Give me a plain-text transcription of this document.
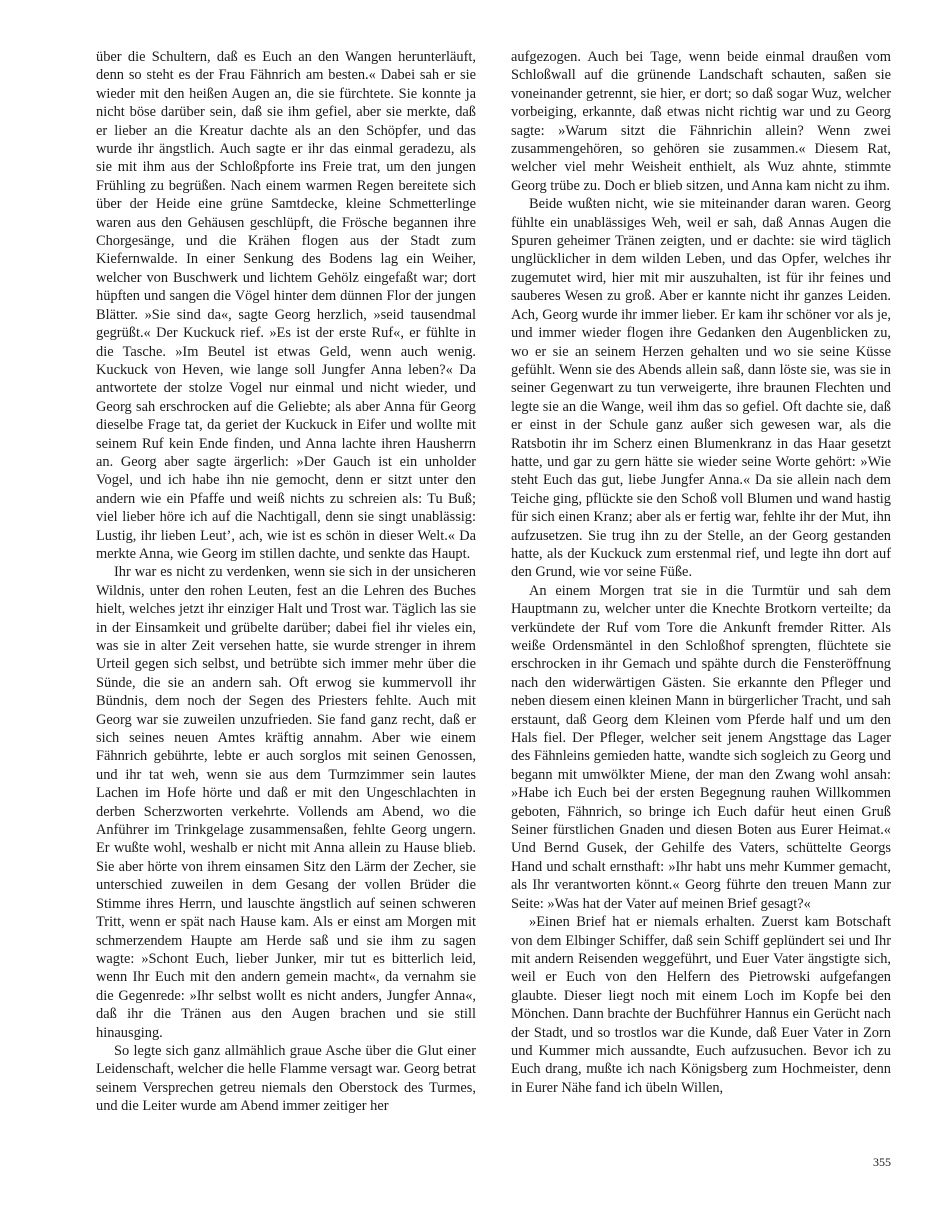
über die Schultern, daß es Euch an den Wangen herunterläuft, denn so steht es der Frau Fähnrich am besten.« Dabei sah er sie wieder mit den heißen Augen an, die sie fürchtete. Sie konnte ja nicht böse darüber sein, daß sie ihm gefiel, aber sie merkte, daß er lieber an die Kreatur dachte als an den Schöpfer, und das wurde ihr ängstlich. Auch sagte er ihr das einmal geradezu, als sie mit ihm aus der Schloßpforte ins Freie trat, um den jungen Frühling zu begrüßen. Nach einem warmen Regen bereitete sich über der Heide eine grüne Samtdecke, kleine Schmetterlinge waren aus den Gehäusen geschlüpft, die Frösche begannen ihre Chorgesänge, und die Krähen flogen aus der Stadt zum Kiefernwalde. In einer Senkung des Bodens lag ein Weiher, welcher von Buschwerk und lichtem Gehölz eingefaßt war; dort hüpften und sangen die Vögel hinter dem dünnen Flor der jungen Blätter. »Sie sind da«, sagte Georg herzlich, »seid tausendmal gegrüßt.« Der Kuckuck rief. »Es ist der erste Ruf«, er fühlte in die Tasche. »Im Beutel ist etwas Geld, wenn auch wenig. Kuckuck von Heven, wie lange soll Jungfer Anna leben?« Da antwortete der stolze Vogel nur einmal und nicht wieder, und Georg sah erschrocken auf die Geliebte; als aber Anna für Georg dieselbe Frage tat, da geriet der Kuckuck in Eifer und wollte mit seinem Ruf kein Ende finden, und Anna lachte ihren Hausherrn an. Georg aber sagte ärgerlich: »Der Gauch ist ein unholder Vogel, und ich habe ihn nie gemocht, denn er sitzt unter den andern wie ein Pfaffe und weiß nichts zu schreien als: Tu Buß; viel lieber höre ich auf die Nachtigall, denn sie singt unablässig: Lustig, ihr lieben Leut’, ach, wie ist es schön in dieser Welt.« Da merkte Anna, wie Georg im stillen dachte, und senkte das Haupt.

Ihr war es nicht zu verdenken, wenn sie sich in der unsicheren Wildnis, unter den rohen Leuten, fest an die Lehren des Buches hielt, welches jetzt ihr einziger Halt und Trost war. Täglich las sie in der Einsamkeit und grübelte darüber; dabei fiel ihr vieles ein, was sie in alter Zeit versehen hatte, sie wurde strenger in ihrem Urteil gegen sich selbst, und betrübte sich immer mehr über die Sünde, die sie an andern sah. Oft erwog sie kummervoll ihr Bündnis, dem noch der Segen des Priesters fehlte. Auch mit Georg war sie zuweilen unzufrieden. Sie fand ganz recht, daß er sich seines neuen Amtes kräftig annahm. Aber wie einem Fähnrich gebührte, lebte er auch sorglos mit seinen Genossen, und ihr tat weh, wenn sie aus dem Turmzimmer sein lautes Lachen im Hofe hörte und daß er mit den Ungeschlachten in derben Scherzworten verkehrte. Vollends am Abend, wo die Anführer im Trinkgelage zusammensaßen, fehlte Georg ungern. Er wußte wohl, weshalb er nicht mit Anna allein zu Hause blieb. Sie aber hörte von ihrem einsamen Sitz den Lärm der Zecher, sie unterschied zuweilen in dem Gesang der vollen Brüder die Stimme ihres Herrn, und lauschte ängstlich auf seinen schweren Tritt, wenn er spät nach Hause kam. Als er einst am Morgen mit schmerzendem Haupte am Herde saß und sie ihm zu sagen wagte: »Schont Euch, lieber Junker, mir tut es bitterlich leid, wenn Ihr Euch mit den andern gemein macht«, da vernahm sie die Gegenrede: »Ihr selbst wollt es nicht anders, Jungfer Anna«, daß ihr die Tränen aus den Augen brachen und sie still hinausging.

So legte sich ganz allmählich graue Asche über die Glut einer Leidenschaft, welcher die helle Flamme versagt war. Georg betrat seinem Versprechen getreu niemals den Oberstock des Turmes, und die Leiter wurde am Abend immer zeitiger her

aufgezogen. Auch bei Tage, wenn beide einmal draußen vom Schloßwall auf die grünende Landschaft schauten, saßen sie voneinander getrennt, sie hier, er dort; so daß sogar Wuz, welcher vorbeiging, erkannte, daß etwas nicht richtig war und zu Georg sagte: »Warum sitzt die Fähnrichin allein? Wenn zwei zusammengehören, so gehören sie zusammen.« Diesem Rat, welcher viel mehr Weisheit enthielt, als Wuz ahnte, stimmte Georg trübe zu. Doch er blieb sitzen, und Anna kam nicht zu ihm.

Beide wußten nicht, wie sie miteinander daran waren. Georg fühlte ein unablässiges Weh, weil er sah, daß Annas Augen die Spuren geheimer Tränen zeigten, und er dachte: sie wird täglich unglücklicher in dem wilden Leben, und das Opfer, welches ihr zugemutet wird, hier mit mir auszuhalten, ist für ihr feines und sauberes Wesen zu groß. Aber er kannte nicht ihr ganzes Leiden. Ach, Georg wurde ihr immer lieber. Er kam ihr schöner vor als je, und immer wieder flogen ihre Gedanken den Augenblicken zu, wo er sie an seinem Herzen gehalten und wo sie seine Küsse gefühlt. Wenn sie des Abends allein saß, dann löste sie, was sie in seiner Gegenwart zu tun verweigerte, ihre braunen Flechten und legte sie an die Wange, weil ihm das so gefiel. Oft dachte sie, daß er einst in der Schule ganz außer sich gewesen war, als die Ratsbotin ihr im Scherz einen Blumenkranz in das Haar gesetzt hatte, und gar zu gern hätte sie wieder seine Worte gehört: »Wie steht Euch das gut, liebe Jungfer Anna.« Da sie allein nach dem Teiche ging, pflückte sie den Schoß voll Blumen und wand hastig für sich einen Kranz; aber als er fertig war, fehlte ihr der Mut, ihn aufzusetzen. Sie trug ihn zu der Stelle, an der Georg gestanden hatte, als der Kuckuck zum erstenmal rief, und legte ihn dort auf den Grund, wie vor seine Füße.

An einem Morgen trat sie in die Turmtür und sah dem Hauptmann zu, welcher unter die Knechte Brotkorn verteilte; da verkündete der Ruf vom Tore die Ankunft fremder Ritter. Als weiße Ordensmäntel in den Schloßhof sprengten, flüchtete sie erschrocken in ihr Gemach und spähte durch die Fensteröffnung nach den widerwärtigen Gästen. Sie erkannte den Pfleger und neben diesem einen kleinen Mann in bürgerlicher Tracht, und sah erstaunt, daß Georg dem Kleinen vom Pferde half und um den Hals fiel. Der Pfleger, welcher seit jenem Angsttage das Lager des Fähnleins gemieden hatte, wandte sich sogleich zu Georg und begann mit umwölkter Miene, der man den Zwang wohl ansah: »Habe ich Euch bei der ersten Begegnung rauhen Willkommen geboten, Fähnrich, so bringe ich Euch dafür heut einen Gruß Seiner fürstlichen Gnaden und diesen Boten aus Eurer Heimat.« Und Bernd Gusek, der Gehilfe des Vaters, schüttelte Georgs Hand und schalt ernsthaft: »Ihr habt uns mehr Kummer gemacht, als Ihr verantworten könnt.« Georg führte den treuen Mann zur Seite: »Was hat der Vater auf meinen Brief gesagt?«

»Einen Brief hat er niemals erhalten. Zuerst kam Botschaft von dem Elbinger Schiffer, daß sein Schiff geplündert sei und Ihr mit andern Reisenden weggeführt, und Euer Vater ängstigte sich, weil er Euch von den Helfern des Pietrowski aufgefangen glaubte. Dieser liegt noch mit einem Loch im Kopfe bei den Mönchen. Dann brachte der Buchführer Hannus ein Gerücht nach der Stadt, und so trostlos war die Kunde, daß Euer Vater in Zorn und Kummer mich aussandte, Euch aufzusuchen. Bevor ich zu Euch drang, mußte ich nach Königsberg zum Hochmeister, denn in Eurer Nähe fand ich übeln Willen,

355
